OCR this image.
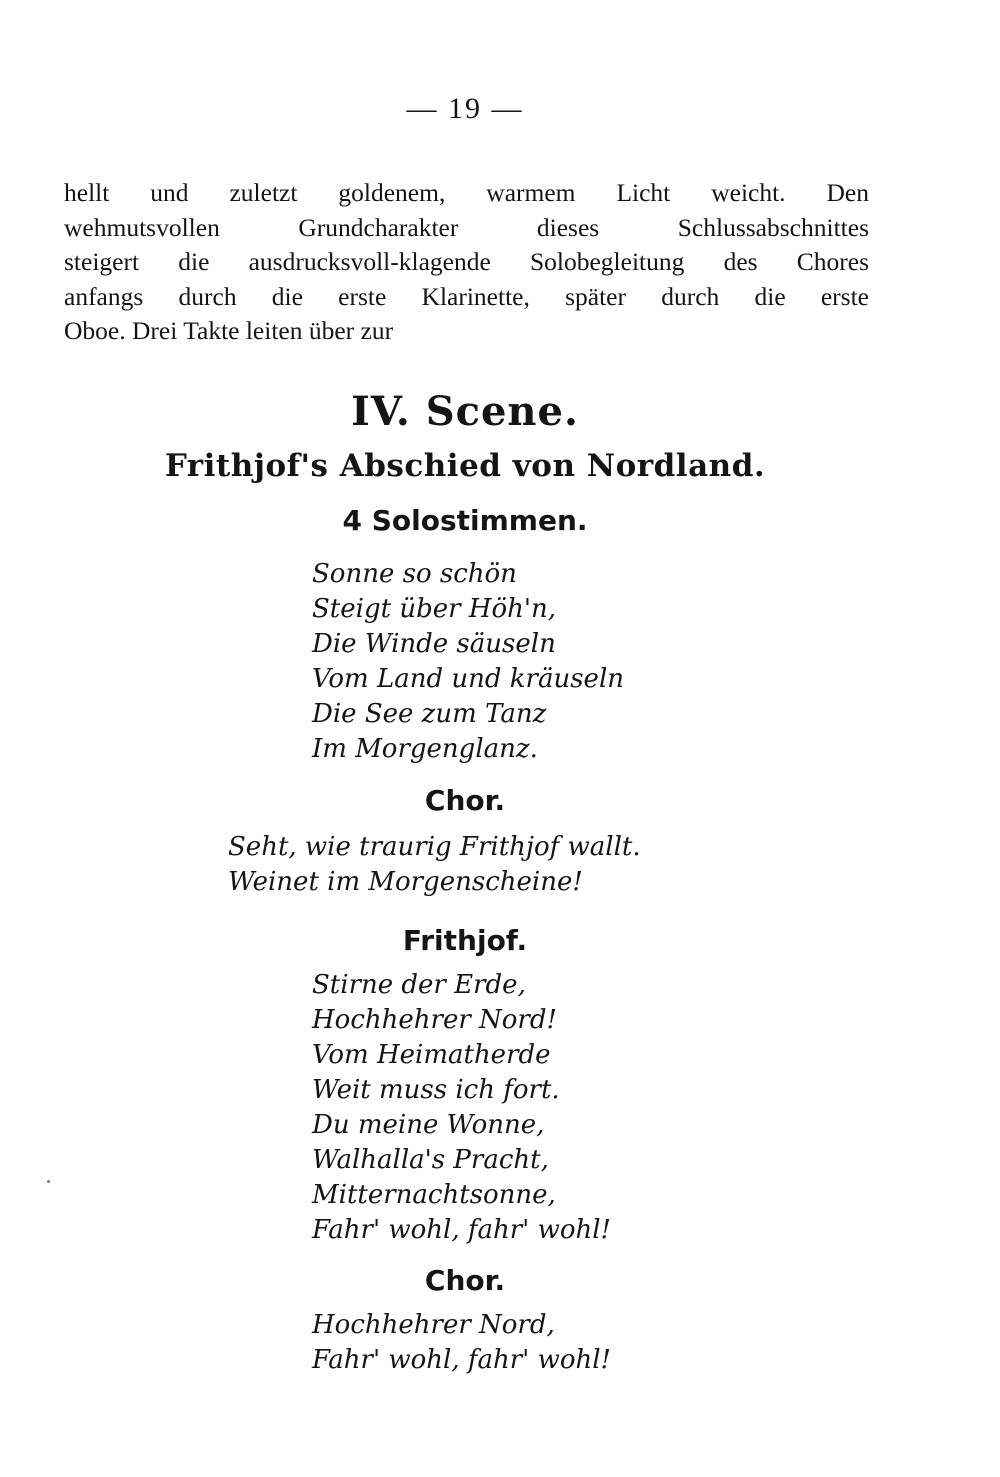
— 19 —
hellt und zuletzt goldenem, warmem Licht weicht. Den
wehmutsvollen Grundcharakter dieses Schlussabschnittes
steigert die ausdrucksvoll-klagende Solobegleitung des Chores
anfangs durch die erste Klarinette, später durch die erste
Oboe. Drei Takte leiten über zur
IV. Scene.
Frithjof's Abschied von Nordland.
4 Solostimmen.
Sonne so schön
Steigt über Höh'n,
Die Winde säuseln
Vom Land und kräuseln
Die See zum Tanz
Im Morgenglanz.
Chor.
Seht, wie traurig Frithjof wallt.
Weinet im Morgenscheine!
Frithjof.
Stirne der Erde,
Hochhehrer Nord!
Vom Heimatherde
Weit muss ich fort.
Du meine Wonne,
Walhalla's Pracht,
Mitternachtsonne,
Fahr' wohl, fahr' wohl!
Chor.
Hochhehrer Nord,
Fahr' wohl, fahr' wohl!
